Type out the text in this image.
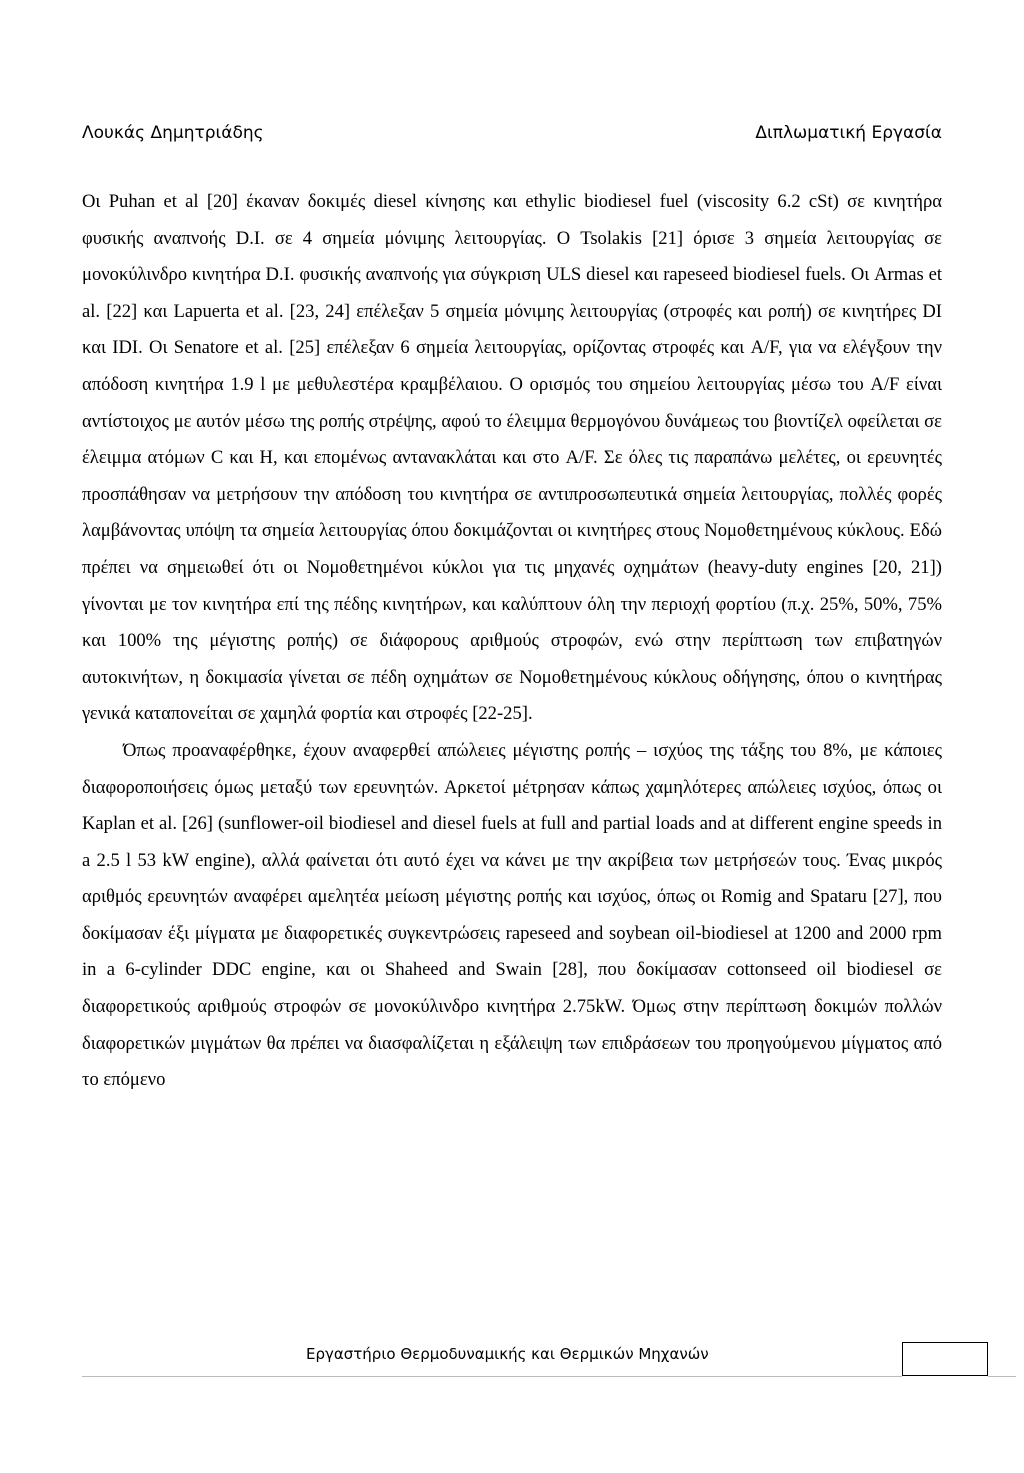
Λουκάς Δημητριάδης	Διπλωματική Εργασία

Οι Puhan et al [20] έκαναν δοκιμές diesel κίνησης και ethylic biodiesel fuel (viscosity 6.2 cSt) σε κινητήρα φυσικής αναπνοής D.I. σε 4 σημεία μόνιμης λειτουργίας. Ο Tsolakis [21] όρισε 3 σημεία λειτουργίας σε μονοκύλινδρο κινητήρα D.I. φυσικής αναπνοής για σύγκριση ULS diesel και rapeseed biodiesel fuels. Οι Armas et al. [22] και Lapuerta et al. [23, 24] επέλεξαν 5 σημεία μόνιμης λειτουργίας (στροφές και ροπή) σε κινητήρες DI και IDI. Οι Senatore et al. [25] επέλεξαν 6 σημεία λειτουργίας, ορίζοντας στροφές και A/F, για να ελέγξουν την απόδοση κινητήρα 1.9 l με μεθυλεστέρα κραμβέλαιου. Ο ορισμός του σημείου λειτουργίας μέσω του A/F είναι αντίστοιχος με αυτόν μέσω της ροπής στρέψης, αφού το έλειμμα θερμογόνου δυνάμεως του βιοντίζελ οφείλεται σε έλειμμα ατόμων C και H, και επομένως αντανακλάται και στο A/F. Σε όλες τις παραπάνω μελέτες, οι ερευνητές προσπάθησαν να μετρήσουν την απόδοση του κινητήρα σε αντιπροσωπευτικά σημεία λειτουργίας, πολλές φορές λαμβάνοντας υπόψη τα σημεία λειτουργίας όπου δοκιμάζονται οι κινητήρες στους Νομοθετημένους κύκλους. Εδώ πρέπει να σημειωθεί ότι οι Νομοθετημένοι κύκλοι για τις μηχανές οχημάτων (heavy-duty engines [20, 21]) γίνονται με τον κινητήρα επί της πέδης κινητήρων, και καλύπτουν όλη την περιοχή φορτίου (π.χ. 25%, 50%, 75% και 100% της μέγιστης ροπής) σε διάφορους αριθμούς στροφών, ενώ στην περίπτωση των επιβατηγών αυτοκινήτων, η δοκιμασία γίνεται σε πέδη οχημάτων σε Νομοθετημένους κύκλους οδήγησης, όπου ο κινητήρας γενικά καταπονείται σε χαμηλά φορτία και στροφές [22-25].

Όπως προαναφέρθηκε, έχουν αναφερθεί απώλειες μέγιστης ροπής – ισχύος της τάξης του 8%, με κάποιες διαφοροποιήσεις όμως μεταξύ των ερευνητών. Αρκετοί μέτρησαν κάπως χαμηλότερες απώλειες ισχύος, όπως οι Kaplan et al. [26] (sunflower-oil biodiesel and diesel fuels at full and partial loads and at different engine speeds in a 2.5 l 53 kW engine), αλλά φαίνεται ότι αυτό έχει να κάνει με την ακρίβεια των μετρήσεών τους. Ένας μικρός αριθμός ερευνητών αναφέρει αμελητέα μείωση μέγιστης ροπής και ισχύος, όπως οι Romig and Spataru [27], που δοκίμασαν έξι μίγματα με διαφορετικές συγκεντρώσεις rapeseed and soybean oil-biodiesel at 1200 and 2000 rpm in a 6-cylinder DDC engine, και οι Shaheed and Swain [28], που δοκίμασαν cottonseed oil biodiesel σε διαφορετικούς αριθμούς στροφών σε μονοκύλινδρο κινητήρα 2.75kW. Όμως στην περίπτωση δοκιμών πολλών διαφορετικών μιγμάτων θα πρέπει να διασφαλίζεται η εξάλειψη των επιδράσεων του προηγούμενου μίγματος από το επόμενο

Εργαστήριο Θερμοδυναμικής και Θερμικών Μηχανών
